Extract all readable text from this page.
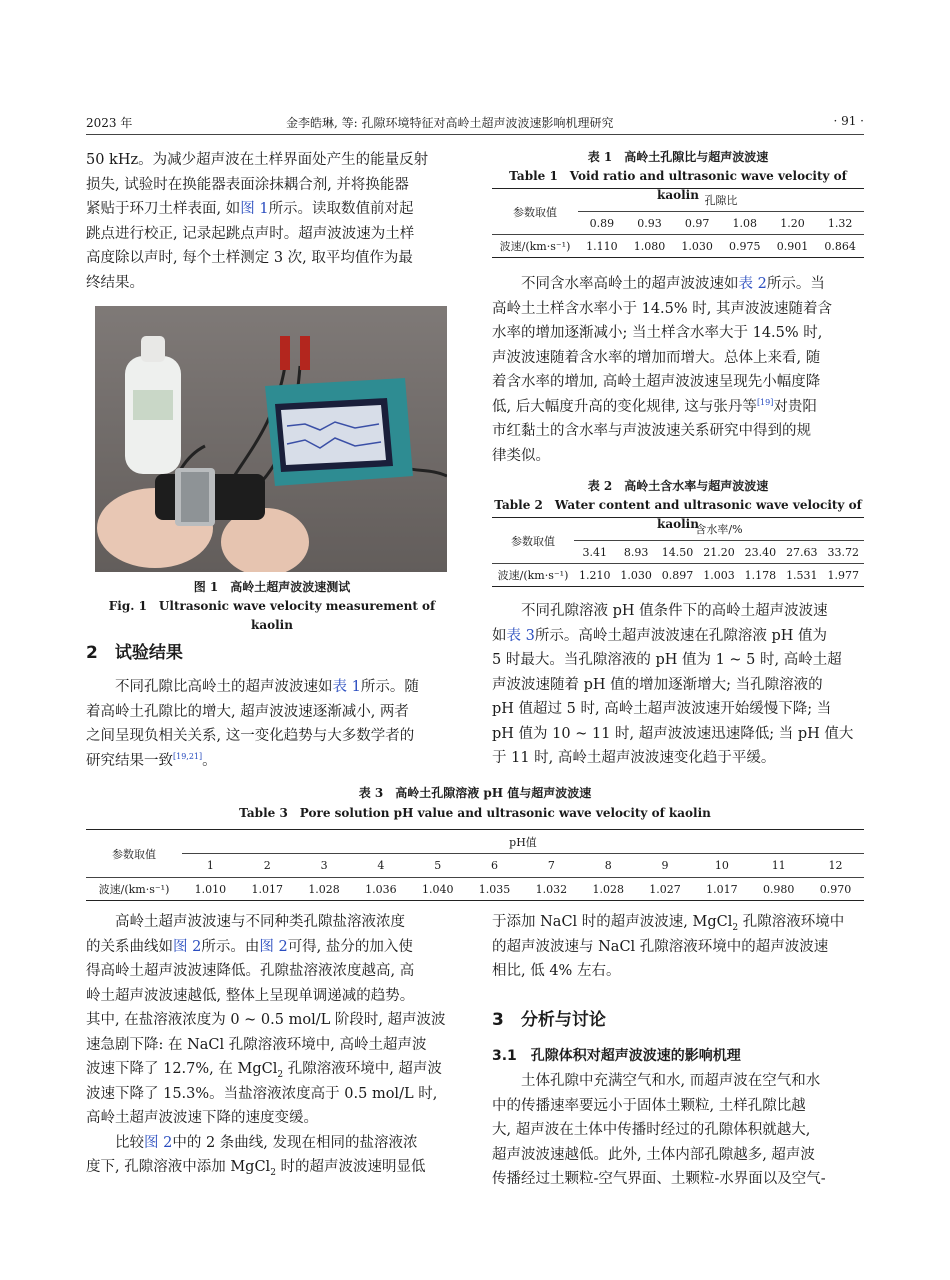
2023 年	金李皓琳, 等: 孔隙环境特征对高岭土超声波波速影响机理研究	· 91 ·

50 kHz。为减少超声波在土样界面处产生的能量反射

损失, 试验时在换能器表面涂抹耦合剂, 并将换能器

紧贴于环刀土样表面, 如图 1所示。读取数值前对起

跳点进行校正, 记录起跳点声时。超声波波速为土样

高度除以声时, 每个土样测定 3 次, 取平均值作为最

终结果。

图 1　高岭土超声波波速测试
Fig. 1　Ultrasonic wave velocity measurement of kaolin
2　试验结果

不同孔隙比高岭土的超声波波速如表 1所示。随

着高岭土孔隙比的增大, 超声波波速逐渐减小, 两者

之间呈现负相关关系, 这一变化趋势与大多数学者的

研究结果一致[19,21]。

表 1　高岭土孔隙比与超声波波速
Table 1　Void ratio and ultrasonic wave velocity of kaolin
参数取值	孔隙比					
	0.89	0.93	0.97	1.08	1.20	1.32
波速/(km·s⁻¹)	1.110	1.080	1.030	0.975	0.901	0.864

不同含水率高岭土的超声波波速如表 2所示。当

高岭土土样含水率小于 14.5% 时, 其声波波速随着含

水率的增加逐渐减小; 当土样含水率大于 14.5% 时,

声波波速随着含水率的增加而增大。总体上来看, 随

着含水率的增加, 高岭土超声波波速呈现先小幅度降

低, 后大幅度升高的变化规律, 这与张丹等[19]对贵阳

市红黏土的含水率与声波波速关系研究中得到的规

律类似。

表 2　高岭土含水率与超声波波速
Table 2　Water content and ultrasonic wave velocity of kaolin
参数取值	含水率/%						
	3.41	8.93	14.50	21.20	23.40	27.63	33.72
波速/(km·s⁻¹)	1.210	1.030	0.897	1.003	1.178	1.531	1.977

不同孔隙溶液 pH 值条件下的高岭土超声波波速

如表 3所示。高岭土超声波波速在孔隙溶液 pH 值为

5 时最大。当孔隙溶液的 pH 值为 1 ~ 5 时, 高岭土超

声波波速随着 pH 值的增加逐渐增大; 当孔隙溶液的

pH 值超过 5 时, 高岭土超声波波速开始缓慢下降; 当

pH 值为 10 ~ 11 时, 超声波波速迅速降低; 当 pH 值大

于 11 时, 高岭土超声波波速变化趋于平缓。

表 3　高岭土孔隙溶液 pH 值与超声波波速
Table 3　Pore solution pH value and ultrasonic wave velocity of kaolin
参数取值	pH值											
	1	2	3	4	5	6	7	8	9	10	11	12
波速/(km·s⁻¹)	1.010	1.017	1.028	1.036	1.040	1.035	1.032	1.028	1.027	1.017	0.980	0.970

高岭土超声波波速与不同种类孔隙盐溶液浓度

的关系曲线如图 2所示。由图 2可得, 盐分的加入使

得高岭土超声波波速降低。孔隙盐溶液浓度越高, 高

岭土超声波波速越低, 整体上呈现单调递减的趋势。

其中, 在盐溶液浓度为 0 ~ 0.5 mol/L 阶段时, 超声波波

速急剧下降: 在 NaCl 孔隙溶液环境中, 高岭土超声波

波速下降了 12.7%, 在 MgCl$_2$ 孔隙溶液环境中, 超声波

波速下降了 15.3%。当盐溶液浓度高于 0.5 mol/L 时,

高岭土超声波波速下降的速度变缓。

比较图 2中的 2 条曲线, 发现在相同的盐溶液浓

度下, 孔隙溶液中添加 MgCl$_2$ 时的超声波波速明显低

于添加 NaCl 时的超声波波速, MgCl$_2$ 孔隙溶液环境中

的超声波波速与 NaCl 孔隙溶液环境中的超声波波速

相比, 低 4% 左右。

3　分析与讨论
3.1　孔隙体积对超声波波速的影响机理

土体孔隙中充满空气和水, 而超声波在空气和水

中的传播速率要远小于固体土颗粒, 土样孔隙比越

大, 超声波在土体中传播时经过的孔隙体积就越大,

超声波波速越低。此外, 土体内部孔隙越多, 超声波

传播经过土颗粒-空气界面、土颗粒-水界面以及空气-
